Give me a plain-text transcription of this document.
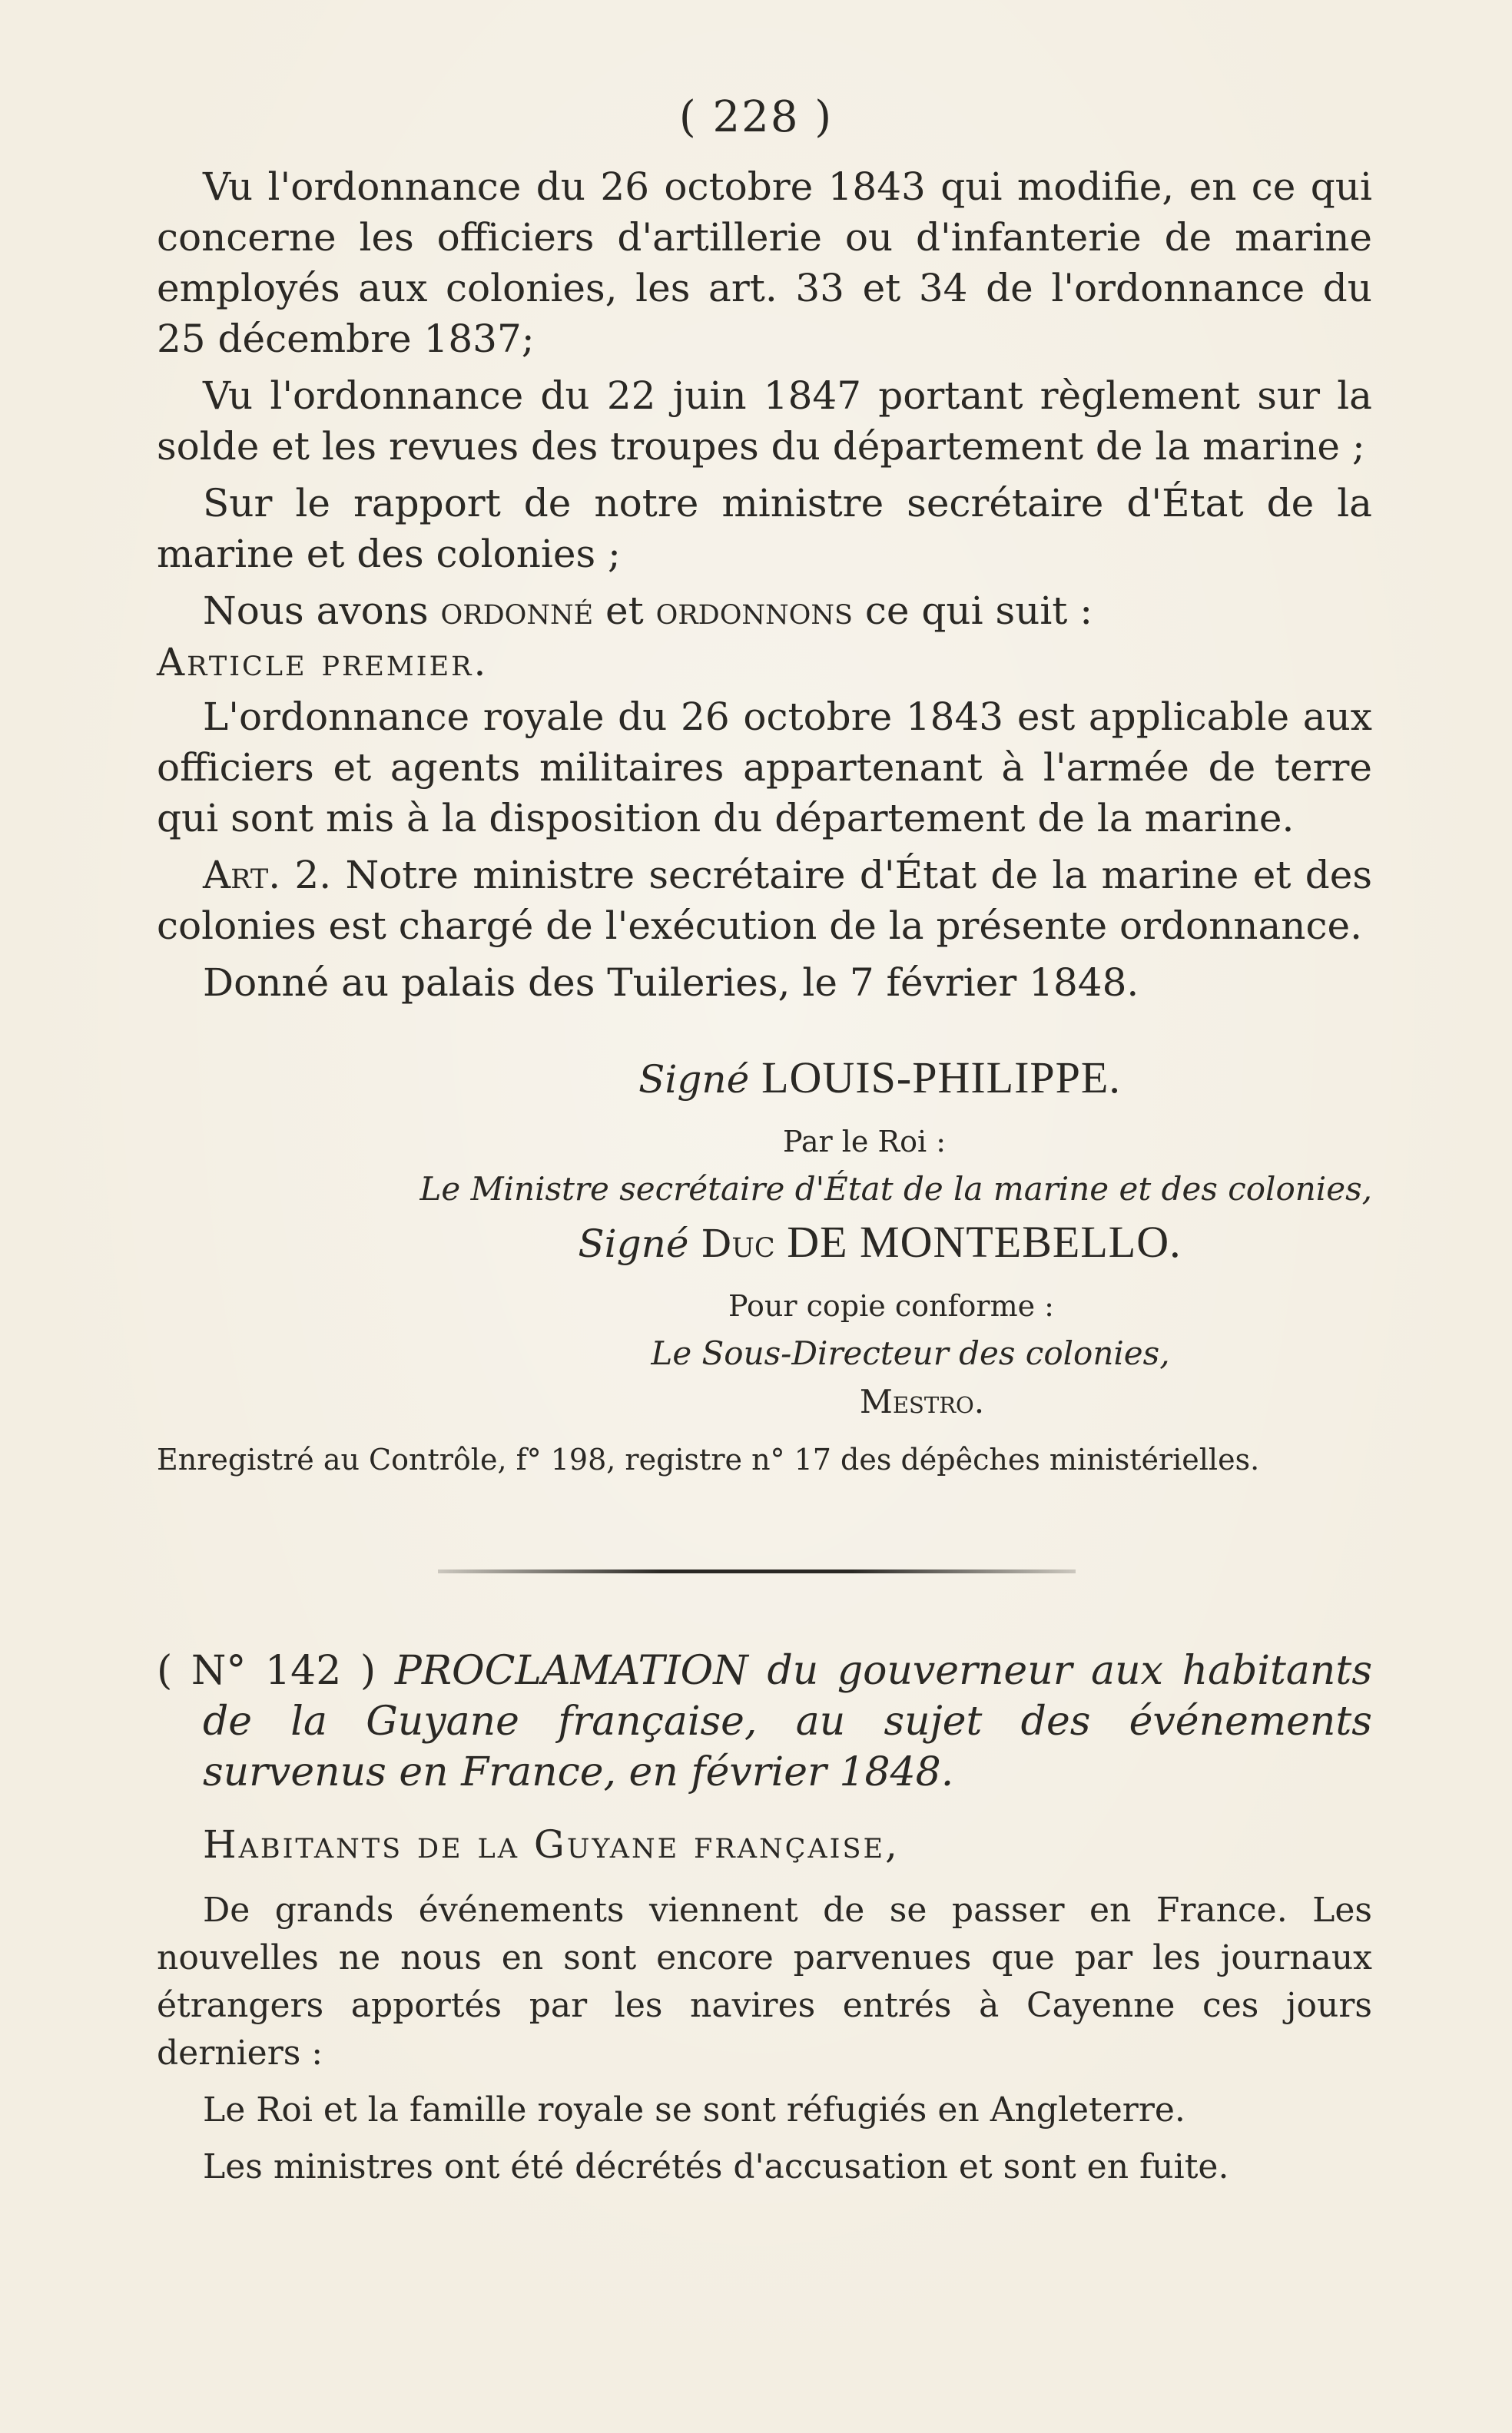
( 228 )

Vu l'ordonnance du 26 octobre 1843 qui modifie, en ce qui concerne les officiers d'artillerie ou d'infanterie de marine employés aux colonies, les art. 33 et 34 de l'ordonnance du 25 décembre 1837;

Vu l'ordonnance du 22 juin 1847 portant règlement sur la solde et les revues des troupes du département de la marine ;

Sur le rapport de notre ministre secrétaire d'État de la marine et des colonies ;

Nous avons ordonné et ordonnons ce qui suit :

Article premier.

L'ordonnance royale du 26 octobre 1843 est applicable aux officiers et agents militaires appartenant à l'armée de terre qui sont mis à la disposition du département de la marine.

Art. 2. Notre ministre secrétaire d'État de la marine et des colonies est chargé de l'exécution de la présente ordonnance.

Donné au palais des Tuileries, le 7 février 1848.

Signé LOUIS-PHILIPPE.
Par le Roi :
Le Ministre secrétaire d'État de la marine et des colonies,
Signé Duc DE MONTEBELLO.
Pour copie conforme :
Le Sous-Directeur des colonies,
Mestro.
Enregistré au Contrôle, f° 198, registre n° 17 des dépêches ministérielles.

( N° 142 ) PROCLAMATION du gouverneur aux habitants de la Guyane française, au sujet des événements survenus en France, en février 1848.

Habitants de la Guyane française,

De grands événements viennent de se passer en France. Les nouvelles ne nous en sont encore parvenues que par les journaux étrangers apportés par les navires entrés à Cayenne ces jours derniers :

Le Roi et la famille royale se sont réfugiés en Angleterre.

Les ministres ont été décrétés d'accusation et sont en fuite.
